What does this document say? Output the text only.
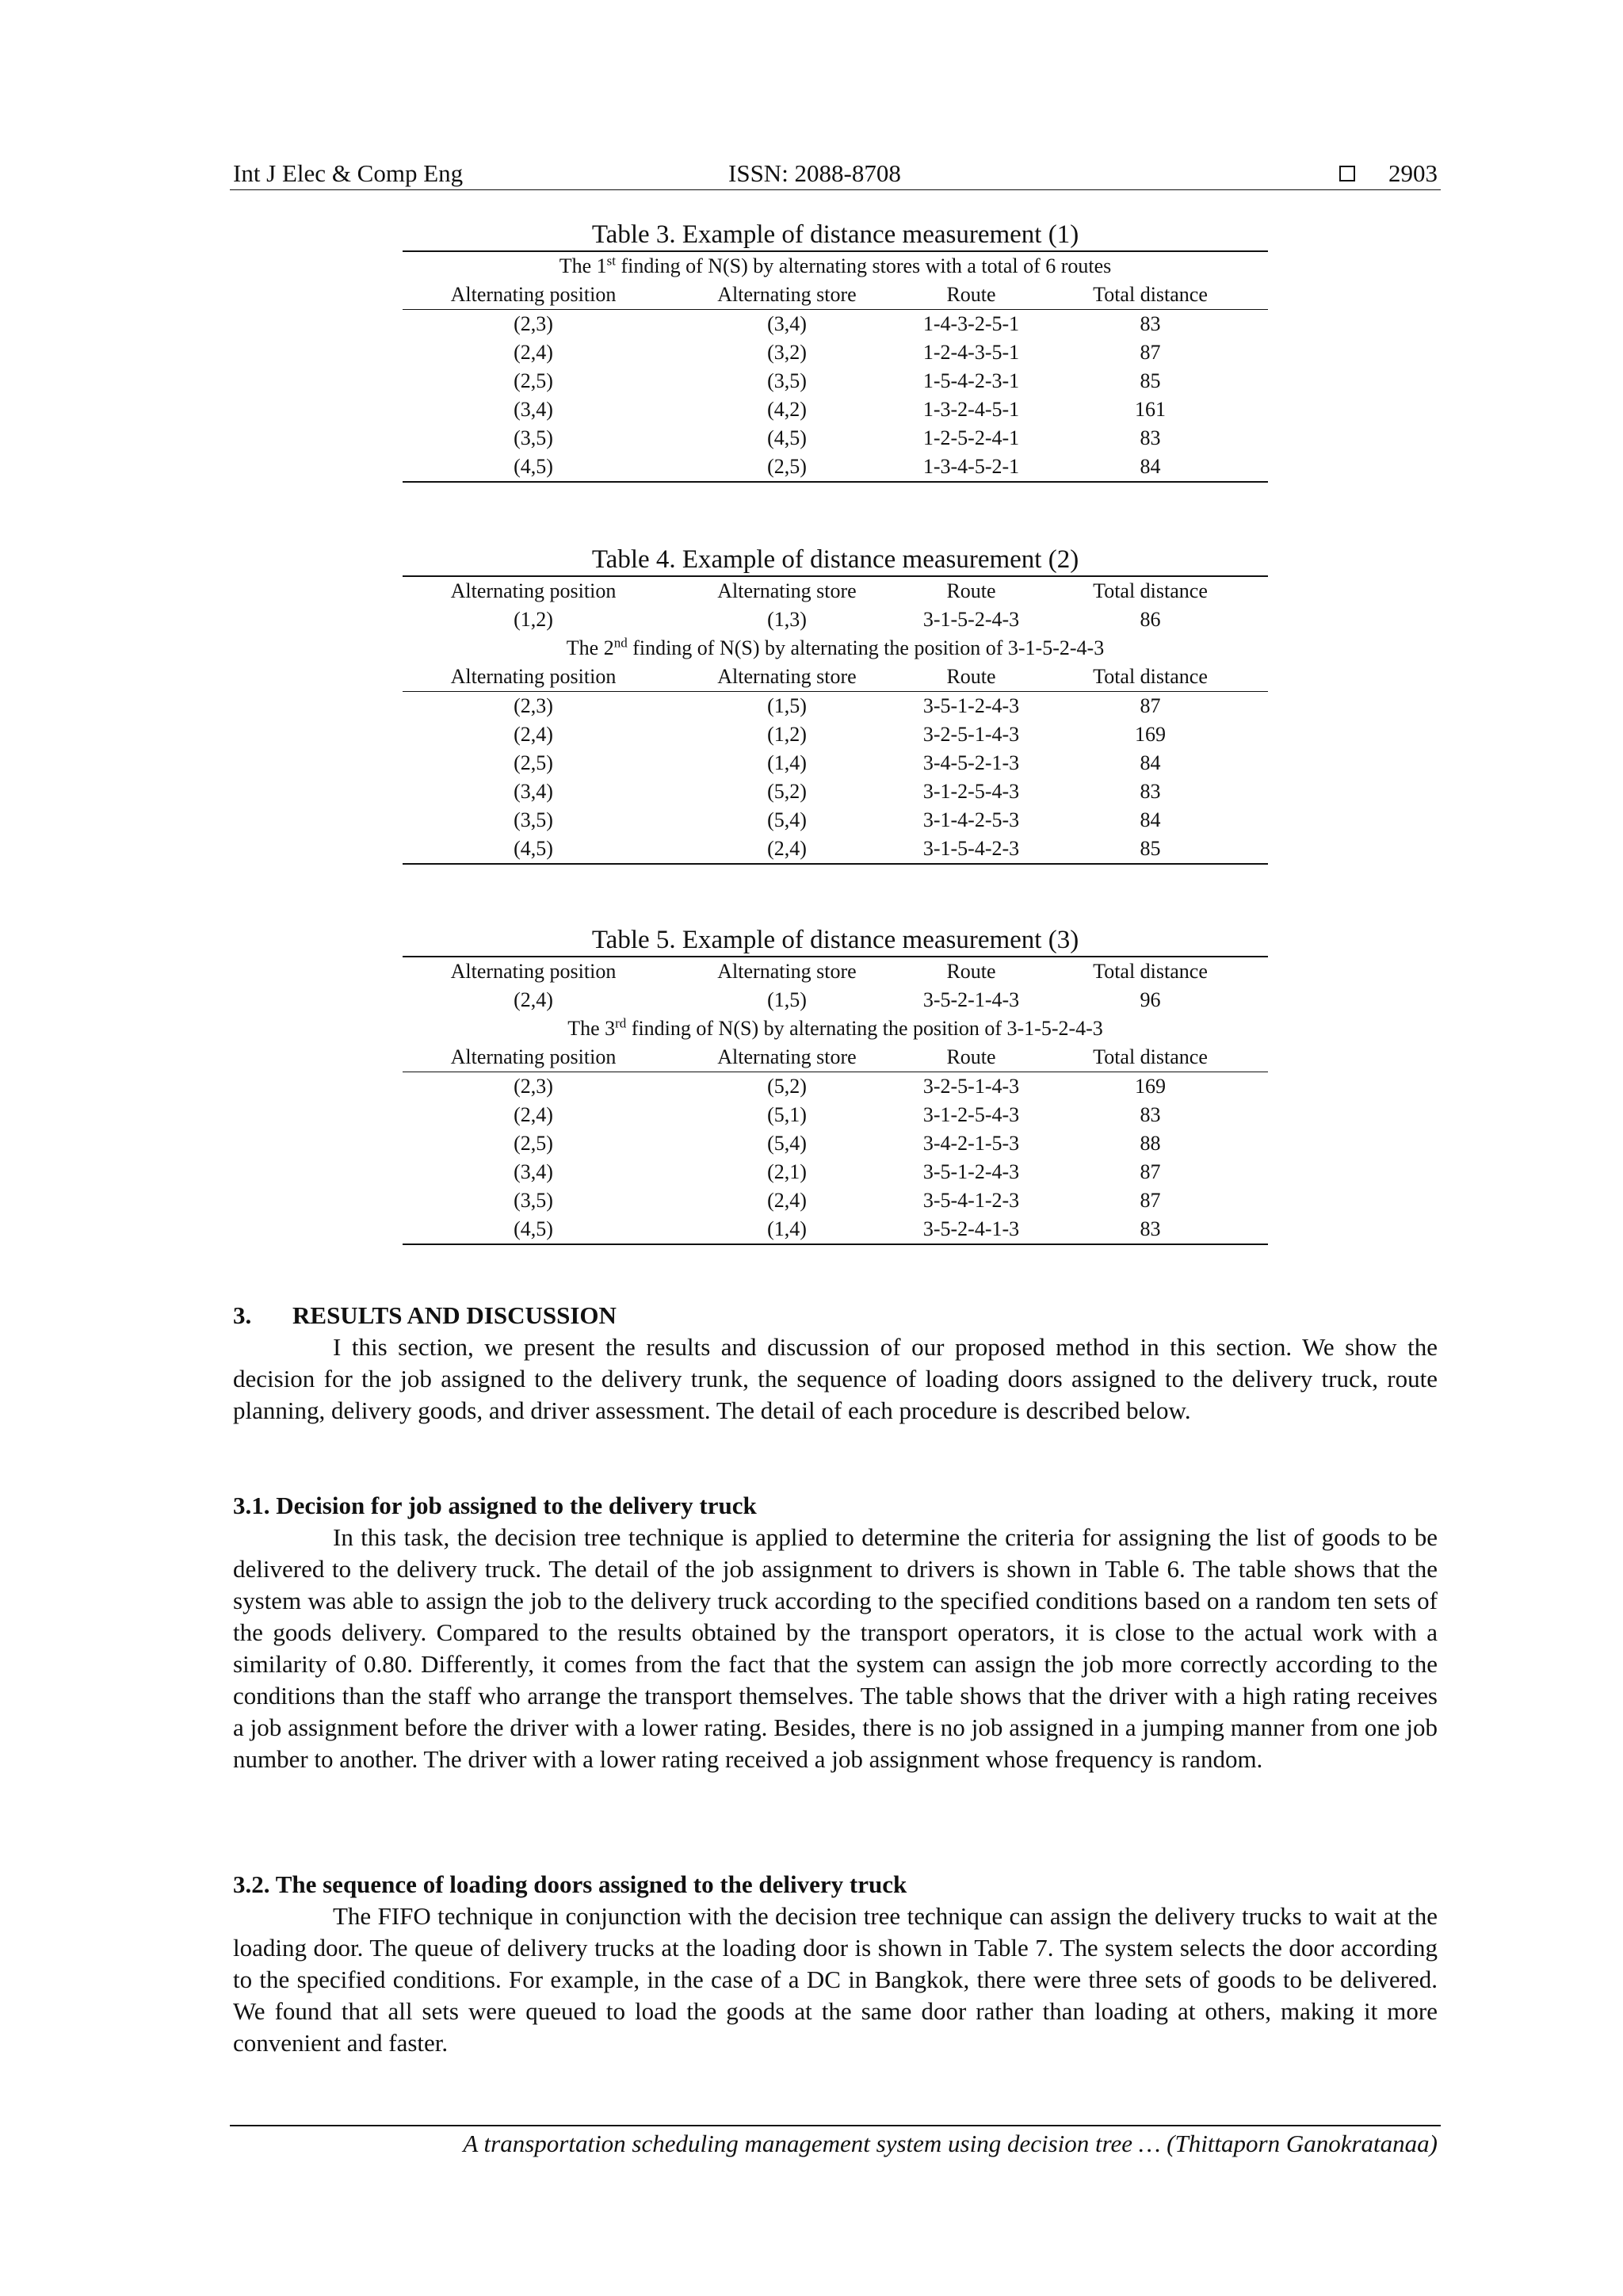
Int J Elec & Comp Eng	ISSN: 2088-8708	2903
Table 3. Example of distance measurement (1)
The 1st finding of N(S) by alternating stores with a total of 6 routes			
Alternating position	Alternating store	Route	Total distance
(2,3)	(3,4)	1-4-3-2-5-1	83
(2,4)	(3,2)	1-2-4-3-5-1	87
(2,5)	(3,5)	1-5-4-2-3-1	85
(3,4)	(4,2)	1-3-2-4-5-1	161
(3,5)	(4,5)	1-2-5-2-4-1	83
(4,5)	(2,5)	1-3-4-5-2-1	84
Table 4. Example of distance measurement (2)
Alternating position	Alternating store	Route	Total distance
(1,2)	(1,3)	3-1-5-2-4-3	86
The 2nd finding of N(S) by alternating the position of 3-1-5-2-4-3			
Alternating position	Alternating store	Route	Total distance
(2,3)	(1,5)	3-5-1-2-4-3	87
(2,4)	(1,2)	3-2-5-1-4-3	169
(2,5)	(1,4)	3-4-5-2-1-3	84
(3,4)	(5,2)	3-1-2-5-4-3	83
(3,5)	(5,4)	3-1-4-2-5-3	84
(4,5)	(2,4)	3-1-5-4-2-3	85
Table 5. Example of distance measurement (3)
Alternating position	Alternating store	Route	Total distance
(2,4)	(1,5)	3-5-2-1-4-3	96
The 3rd finding of N(S) by alternating the position of 3-1-5-2-4-3			
Alternating position	Alternating store	Route	Total distance
(2,3)	(5,2)	3-2-5-1-4-3	169
(2,4)	(5,1)	3-1-2-5-4-3	83
(2,5)	(5,4)	3-4-2-1-5-3	88
(3,4)	(2,1)	3-5-1-2-4-3	87
(3,5)	(2,4)	3-5-4-1-2-3	87
(4,5)	(1,4)	3-5-2-4-1-3	83
3. RESULTS AND DISCUSSION
I this section, we present the results and discussion of our proposed method in this section. We show the decision for the job assigned to the delivery trunk, the sequence of loading doors assigned to the delivery truck, route planning, delivery goods, and driver assessment. The detail of each procedure is described below.
3.1. Decision for job assigned to the delivery truck
In this task, the decision tree technique is applied to determine the criteria for assigning the list of goods to be delivered to the delivery truck. The detail of the job assignment to drivers is shown in Table 6. The table shows that the system was able to assign the job to the delivery truck according to the specified conditions based on a random ten sets of the goods delivery. Compared to the results obtained by the transport operators, it is close to the actual work with a similarity of 0.80. Differently, it comes from the fact that the system can assign the job more correctly according to the conditions than the staff who arrange the transport themselves. The table shows that the driver with a high rating receives a job assignment before the driver with a lower rating. Besides, there is no job assigned in a jumping manner from one job number to another. The driver with a lower rating received a job assignment whose frequency is random.
3.2. The sequence of loading doors assigned to the delivery truck
The FIFO technique in conjunction with the decision tree technique can assign the delivery trucks to wait at the loading door. The queue of delivery trucks at the loading door is shown in Table 7. The system selects the door according to the specified conditions. For example, in the case of a DC in Bangkok, there were three sets of goods to be delivered. We found that all sets were queued to load the goods at the same door rather than loading at others, making it more convenient and faster.
A transportation scheduling management system using decision tree … (Thittaporn Ganokratanaa)
